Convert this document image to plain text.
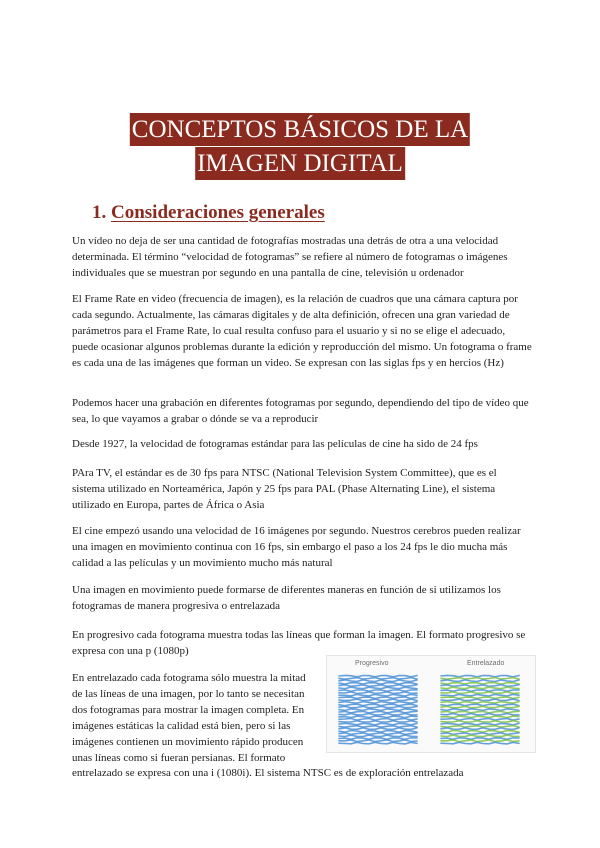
CONCEPTOS BÁSICOS DE LA
IMAGEN DIGITAL
1. Consideraciones generales

Un vídeo no deja de ser una cantidad de fotografías mostradas una detrás de otra a una velocidad determinada. El término “velocidad de fotogramas” se refiere al número de fotogramas o imágenes individuales que se muestran por segundo en una pantalla de cine, televisión u ordenador

El Frame Rate en video (frecuencia de imagen), es la relación de cuadros que una cámara captura por cada segundo. Actualmente, las cámaras digitales y de alta definición, ofrecen una gran variedad de parámetros para el Frame Rate, lo cual resulta confuso para el usuario y si no se elige el adecuado, puede ocasionar algunos problemas durante la edición y reproducción del mismo. Un fotograma o frame es cada una de las imágenes que forman un video. Se expresan con las siglas fps y en hercios (Hz)

Podemos hacer una grabación en diferentes fotogramas por segundo, dependiendo del tipo de vídeo que sea, lo que vayamos a grabar o dónde se va a reproducir

Desde 1927, la velocidad de fotogramas estándar para las películas de cine ha sido de 24 fps

PAra TV, el estándar es de 30 fps para NTSC (National Television System Committee), que es el sistema utilizado en Norteamérica, Japón y 25 fps para PAL (Phase Alternating Line), el sistema utilizado en Europa, partes de África o Asia

El cine empezó usando una velocidad de 16 imágenes por segundo. Nuestros cerebros pueden realizar una imagen en movimiento continua con 16 fps, sin embargo el paso a los 24 fps le dio mucha más calidad a las películas y un movimiento mucho más natural

Una imagen en movimiento puede formarse de diferentes maneras en función de si utilizamos los fotogramas de manera progresiva o entrelazada

En progresivo cada fotograma muestra todas las líneas que forman la imagen. El formato progresivo se expresa con una p (1080p)

En entrelazado cada fotograma sólo muestra la mitad de las líneas de una imagen, por lo tanto se necesitan dos fotogramas para mostrar la imagen completa. En imágenes estáticas la calidad está bien, pero si las imágenes contienen un movimiento rápido producen unas líneas como si fueran persianas. El formato

entrelazado se expresa con una i (1080i). El sistema NTSC es de exploración entrelazada

Progresivo	Entrelazado
